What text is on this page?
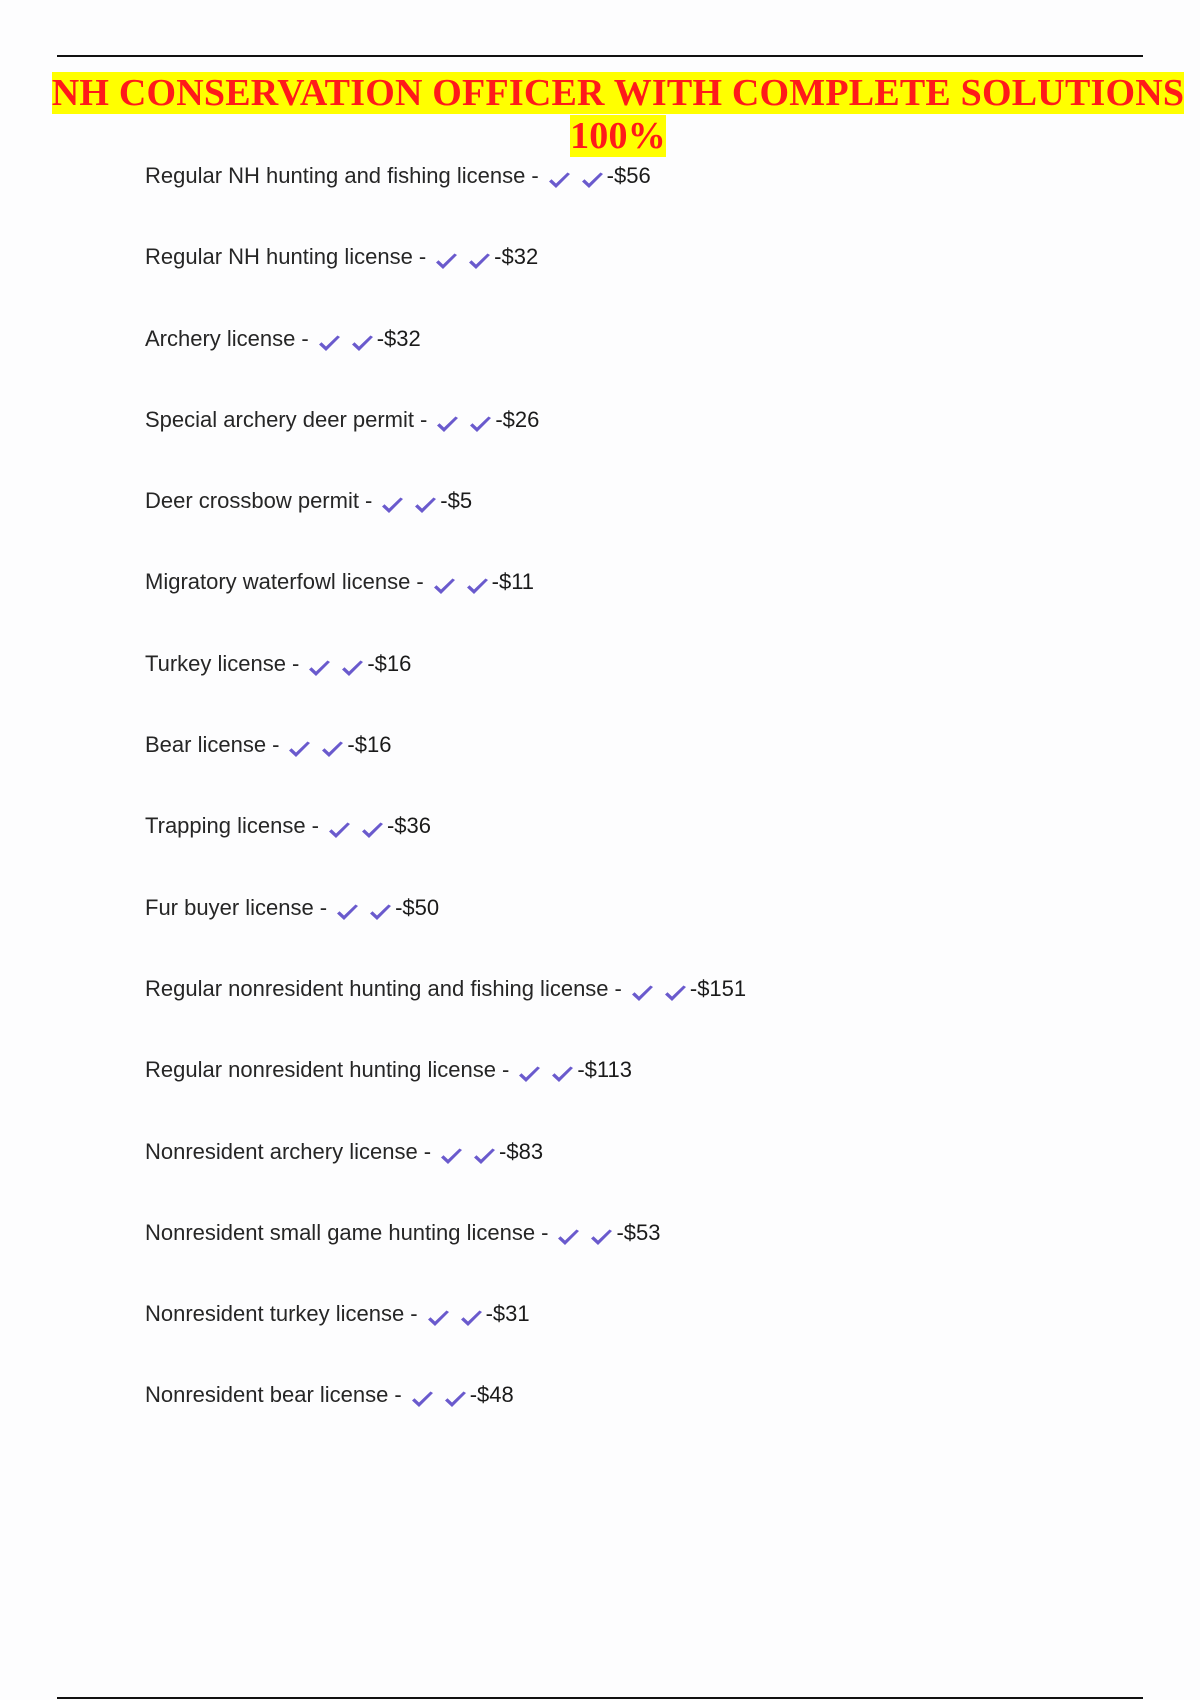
NH CONSERVATION OFFICER WITH COMPLETE SOLUTIONS 100%
Regular NH hunting and fishing license -	-$56
Regular NH hunting license -	-$32
Archery license -	-$32
Special archery deer permit -	-$26
Deer crossbow permit -	-$5
Migratory waterfowl license -	-$11
Turkey license -	-$16
Bear license -	-$16
Trapping license -	-$36
Fur buyer license -	-$50
Regular nonresident hunting and fishing license -	-$151
Regular nonresident hunting license -	-$113
Nonresident archery license -	-$83
Nonresident small game hunting license -	-$53
Nonresident turkey license -	-$31
Nonresident bear license -	-$48
